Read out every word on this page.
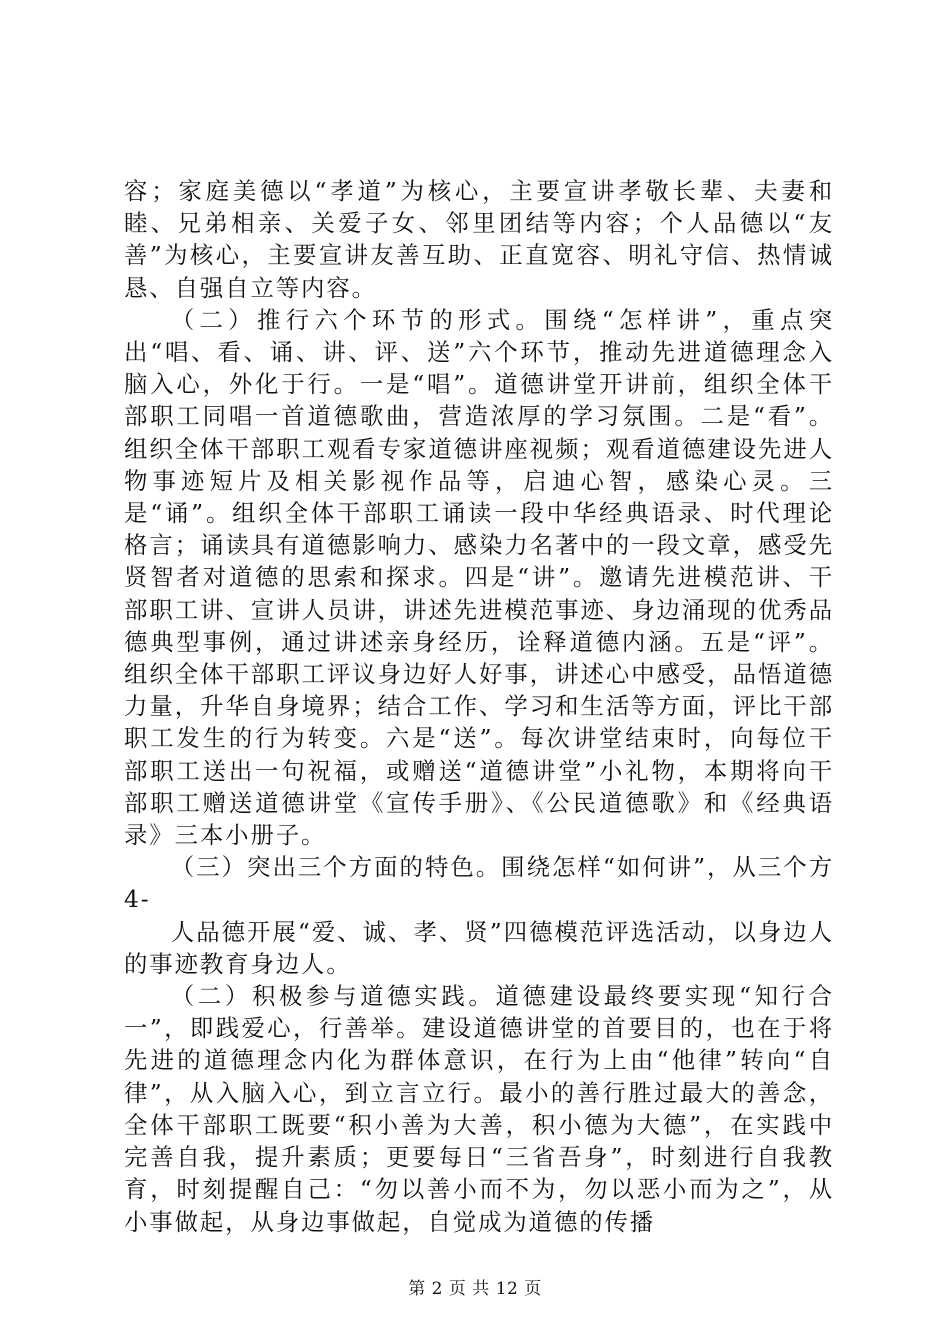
容；家庭美德以“孝道”为核心，主要宣讲孝敬长辈、夫妻和睦、兄弟相亲、关爱子女、邻里团结等内容；个人品德以“友善”为核心，主要宣讲友善互助、正直宽容、明礼守信、热情诚恳、自强自立等内容。

（二）推行六个环节的形式。围绕“怎样讲”，重点突出“唱、看、诵、讲、评、送”六个环节，推动先进道德理念入脑入心，外化于行。一是“唱”。道德讲堂开讲前，组织全体干部职工同唱一首道德歌曲，营造浓厚的学习氛围。二是“看”。组织全体干部职工观看专家道德讲座视频；观看道德建设先进人物事迹短片及相关影视作品等，启迪心智，感染心灵。三是“诵”。组织全体干部职工诵读一段中华经典语录、时代理论格言；诵读具有道德影响力、感染力名著中的一段文章，感受先贤智者对道德的思索和探求。四是“讲”。邀请先进模范讲、干部职工讲、宣讲人员讲，讲述先进模范事迹、身边涌现的优秀品德典型事例，通过讲述亲身经历，诠释道德内涵。五是“评”。组织全体干部职工评议身边好人好事，讲述心中感受，品悟道德力量，升华自身境界；结合工作、学习和生活等方面，评比干部职工发生的行为转变。六是“送”。每次讲堂结束时，向每位干部职工送出一句祝福，或赠送“道德讲堂”小礼物，本期将向干部职工赠送道德讲堂《宣传手册》、《公民道德歌》和《经典语录》三本小册子。

（三）突出三个方面的特色。围绕怎样“如何讲”，从三个方 4-

人品德开展“爱、诚、孝、贤”四德模范评选活动，以身边人的事迹教育身边人。

（二）积极参与道德实践。道德建设最终要实现“知行合一”，即践爱心，行善举。建设道德讲堂的首要目的，也在于将先进的道德理念内化为群体意识，在行为上由“他律”转向“自律”，从入脑入心，到立言立行。最小的善行胜过最大的善念，全体干部职工既要“积小善为大善，积小德为大德”，在实践中完善自我，提升素质；更要每日“三省吾身”，时刻进行自我教育，时刻提醒自己：“勿以善小而不为，勿以恶小而为之”，从小事做起，从身边事做起，自觉成为道德的传播

第 2 页 共 12 页
